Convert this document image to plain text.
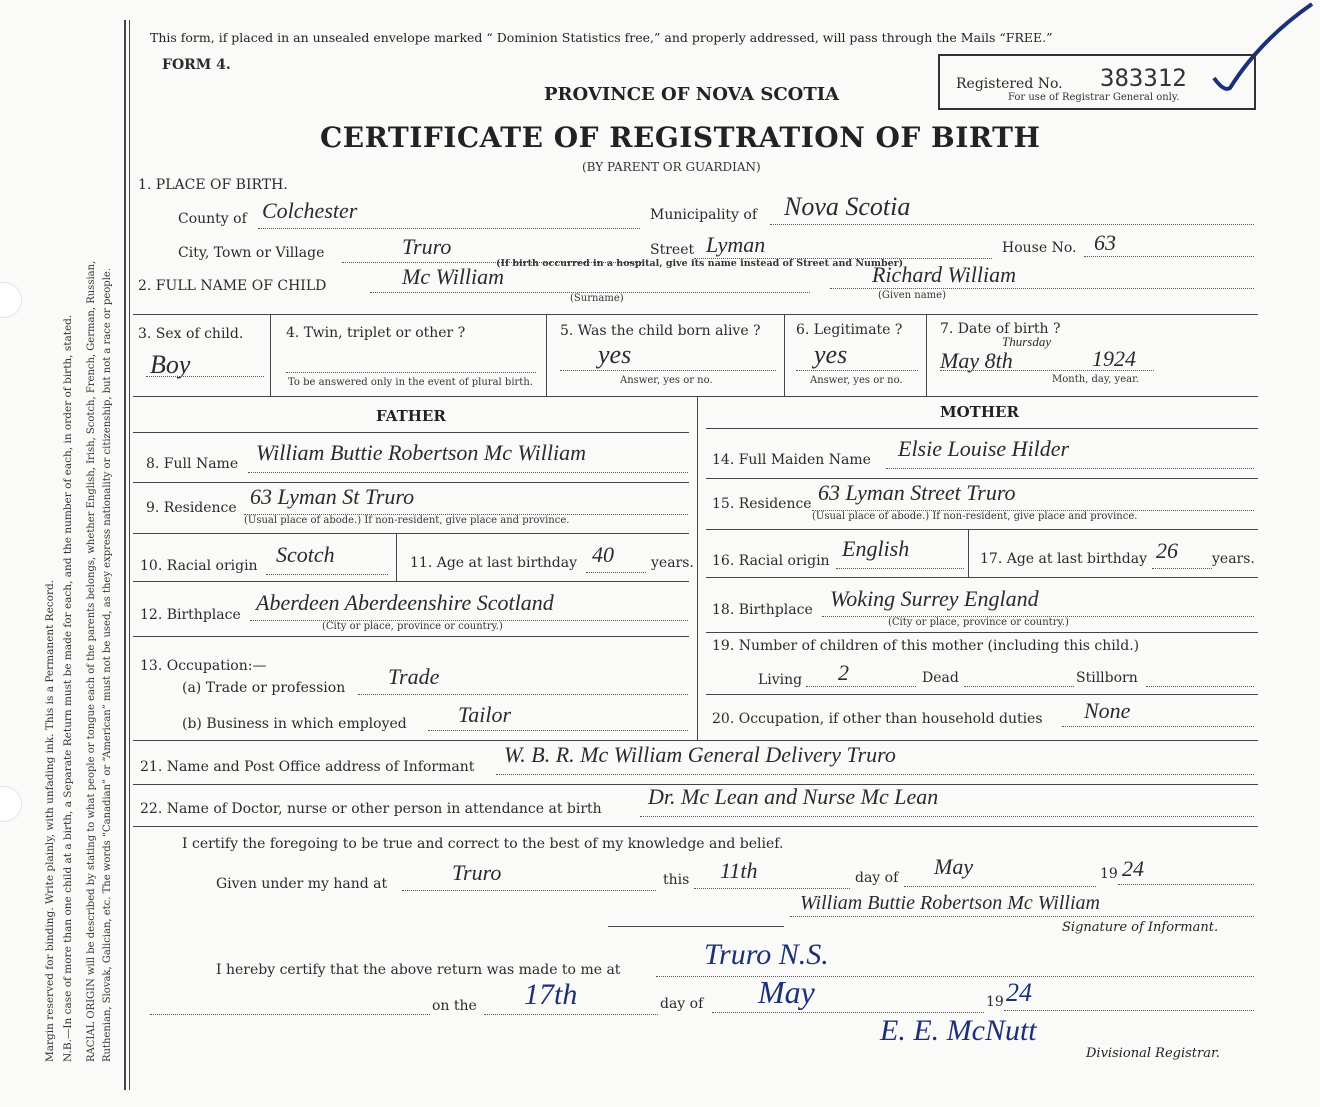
Margin reserved for binding. Write plainly, with unfading ink. This is a Permanent Record. N.B.—In case of more than one child at a birth, a Separate Return must be made for each, and the number of each, in order of birth, stated. RACIAL ORIGIN will be described by stating to what people or tongue each of the parents belongs, whether English, Irish, Scotch, French, German, Russian, Ruthenian, Slovak, Galician, etc. The words “Canadian” or “American” must not be used, as they express nationality or citizenship, but not a race or people.
This form, if placed in an unsealed envelope marked “ Dominion Statistics free,” and properly addressed, will pass through the Mails “FREE.”
FORM 4.
PROVINCE OF NOVA SCOTIA
CERTIFICATE OF REGISTRATION OF BIRTH
(BY PARENT OR GUARDIAN)
Registered No. 383312
For use of Registrar General only.
1. PLACE OF BIRTH.
County of Colchester	Municipality of Nova Scotia
City, Town or Village	Truro	Street Lyman
(If birth occurred in a hospital, give its name instead of Street and Number)
House No. 63
2. FULL NAME OF CHILD	Mc William
(Surname)
Richard William
(Given name)
3. Sex of child.
Boy
4. Twin, triplet or other ?
To be answered only in the event of plural birth.
5. Was the child born alive ?
yes
Answer, yes or no.
6. Legitimate ?
yes
Answer, yes or no.
7. Date of birth ?
Thursday
May 8th	1924
Month, day, year.
FATHER
8. Full Name William Buttie Robertson Mc William
9. Residence 63 Lyman St Truro
(Usual place of abode.) If non-resident, give place and province.
10. Racial origin Scotch	11. Age at last birthday 40	years.
12. Birthplace Aberdeen Aberdeenshire Scotland
(City or place, province or country.)
13. Occupation:—
(a) Trade or profession Trade
(b) Business in which employed Tailor
MOTHER
14. Full Maiden Name Elsie Louise Hilder
15. Residence 63 Lyman Street Truro
(Usual place of abode.) If non-resident, give place and province.
16. Racial origin English	17. Age at last birthday 26 years.
18. Birthplace Woking Surrey England
(City or place, province or country.)
19. Number of children of this mother (including this child.)
Living 2	Dead	Stillborn
20. Occupation, if other than household duties None
21. Name and Post Office address of Informant W. B. R. Mc William General Delivery Truro
22. Name of Doctor, nurse or other person in attendance at birth Dr. Mc Lean and Nurse Mc Lean
I certify the foregoing to be true and correct to the best of my knowledge and belief.
Given under my hand at	Truro	this 11th	day of May	19 24
William Buttie Robertson Mc William
Signature of Informant.
I hereby certify that the above return was made to me at	Truro N.S.
on the 17th	day of May	19 24
E. E. McNutt
Divisional Registrar.
